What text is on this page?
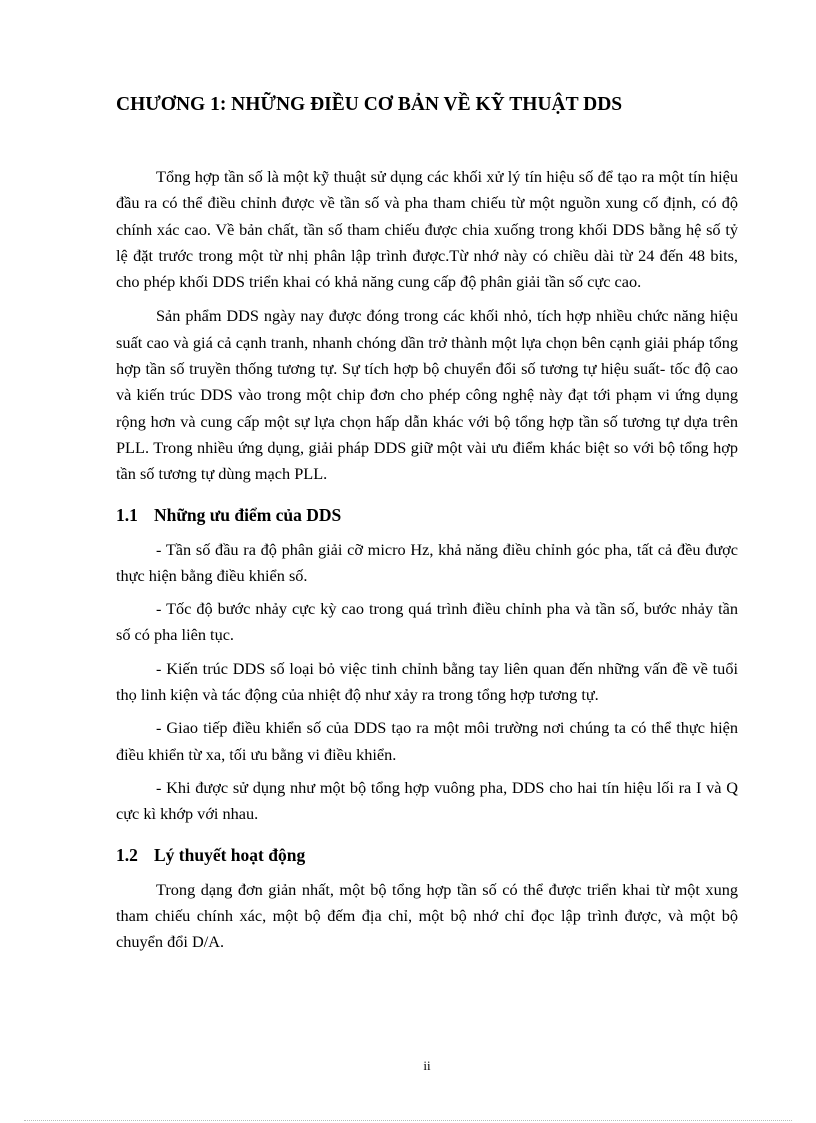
CHƯƠNG 1: NHỮNG ĐIỀU CƠ BẢN VỀ KỸ THUẬT DDS

Tổng hợp tần số là một kỹ thuật sử dụng các khối xử lý tín hiệu số để tạo ra một tín hiệu đầu ra có thể điều chỉnh được về tần số và pha tham chiếu từ một nguồn xung cố định, có độ chính xác cao. Về bản chất, tần số tham chiếu được chia xuống trong khối DDS bằng hệ số tỷ lệ đặt trước trong một từ nhị phân lập trình được.Từ nhớ này có chiều dài từ 24 đến 48 bits, cho phép khối DDS triển khai có khả năng cung cấp độ phân giải tần số cực cao.

Sản phẩm DDS ngày nay được đóng trong các khối nhỏ, tích hợp nhiều chức năng hiệu suất cao và giá cả cạnh tranh, nhanh chóng dần trở thành một lựa chọn bên cạnh giải pháp tổng hợp tần số truyền thống tương tự. Sự tích hợp bộ chuyển đổi số tương tự hiệu suất- tốc độ cao và kiến trúc DDS vào trong một chip đơn cho phép công nghệ này đạt tới phạm vi ứng dụng rộng hơn và cung cấp một sự lựa chọn hấp dẫn khác với bộ tổng hợp tần số tương tự dựa trên PLL. Trong nhiều ứng dụng, giải pháp DDS giữ một vài ưu điểm khác biệt so với bộ tổng hợp tần số tương tự dùng mạch PLL.

1.1 Những ưu điểm của DDS

- Tần số đầu ra độ phân giải cỡ micro Hz, khả năng điều chỉnh góc pha, tất cả đều được thực hiện bằng điều khiển số.

- Tốc độ bước nhảy cực kỳ cao trong quá trình điều chỉnh pha và tần số, bước nhảy tần số có pha liên tục.

- Kiến trúc DDS số loại bỏ việc tinh chỉnh bằng tay liên quan đến những vấn đề về tuổi thọ linh kiện và tác động của nhiệt độ như xảy ra trong tổng hợp tương tự.

- Giao tiếp điều khiển số của DDS tạo ra một môi trường nơi chúng ta có thể thực hiện điều khiển từ xa, tối ưu bằng vi điều khiển.

- Khi được sử dụng như một bộ tổng hợp vuông pha, DDS cho hai tín hiệu lối ra I và Q cực kì khớp với nhau.

1.2 Lý thuyết hoạt động

Trong dạng đơn giản nhất, một bộ tổng hợp tần số có thể được triển khai từ một xung tham chiếu chính xác, một bộ đếm địa chỉ, một bộ nhớ chỉ đọc lập trình được, và một bộ chuyển đổi D/A.

ii
